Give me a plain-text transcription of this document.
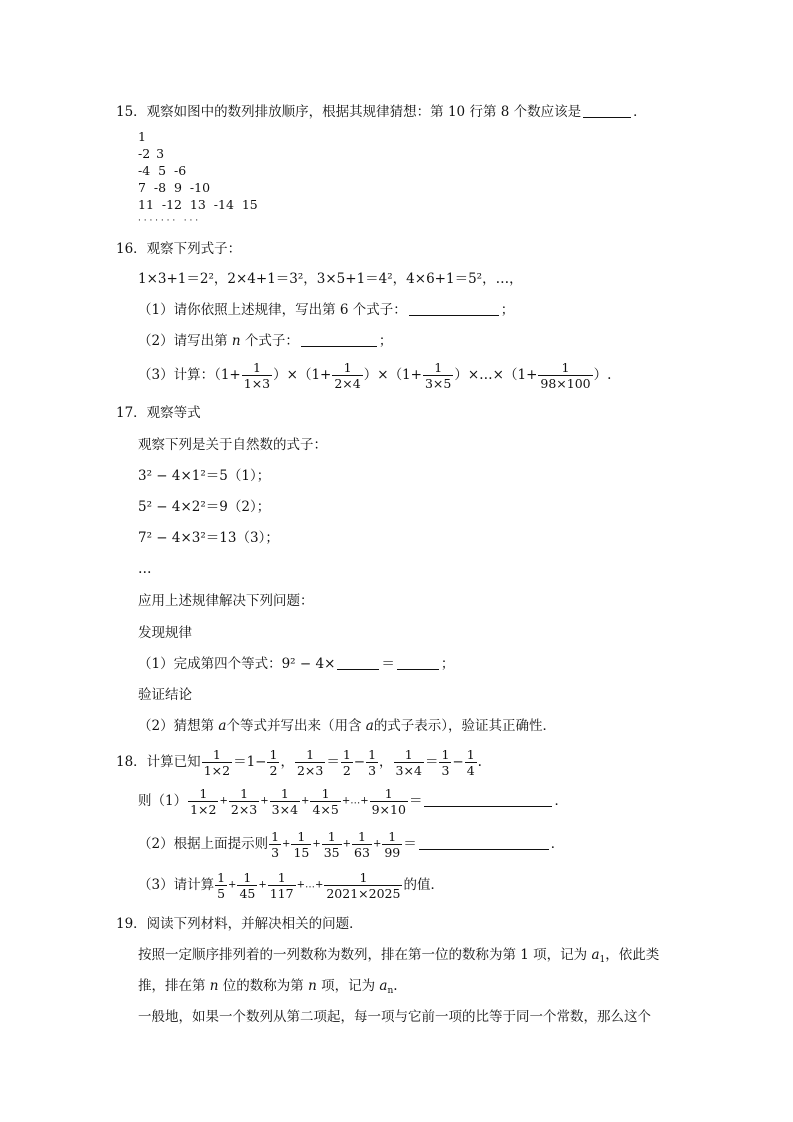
15．观察如图中的数列排放顺序，根据其规律猜想：第 10 行第 8 个数应该是	．
1
-2 3
-4  5  -6
7  -8  9  -10
11  -12  13  -14  15
· · · · · · ·   · · ·
16．观察下列式子：
1×3+1＝2²，2×4+1＝3²，3×5+1＝4²，4×6+1＝5²，…，
（1）请你依照上述规律，写出第 6 个式子：	；
（2）请写出第 n 个式子：	；
（3）计算：$(1+ \frac{1}{1\times 3} )\times(1+ \frac{1}{2\times 4} )\times(1+ \frac{1}{3\times 5}$ ）×…×（1+ $\frac{1}{98\times 100}$ ）.
17．观察等式
观察下列是关于自然数的式子：
3² − 4×1²＝5（1）；
5² − 4×2²＝9（2）；
7² − 4×3²＝13（3）；
…
应用上述规律解决下列问题：
发现规律
（1）完成第四个等式：9² − 4×	＝	；
验证结论
（2）猜想第 a个等式并写出来（用含 a的式子表示），验证其正确性．
18．计算已知 $\frac{1}{1\times 2} =1- \frac{1}{2}$ ， $\frac{1}{2\times 3} = \frac{1}{2} - \frac{1}{3}$ ， $\frac{1}{3\times 4} = \frac{1}{3} - \frac{1}{4}$ .
则$(1) \frac{1}{1\times 2} + \frac{1}{2\times 3} + \frac{1}{3\times 4} + \frac{1}{4\times 5}$ +…+ $\frac{1}{9\times 10}$ ＝	．
（2）根据上面提示则 $\frac{1}{3} + \frac{1}{15} + \frac{1}{35} + \frac{1}{63} + \frac{1}{99}$ ＝	．
（3）请计算 $\frac{1}{5} + \frac{1}{45} + \frac{1}{117}$ +…+ $\frac{1}{2021\times 2025}$ 的值．
19．阅读下列材料，并解决相关的问题．
按照一定顺序排列着的一列数称为数列，排在第一位的数称为第 1 项，记为 $a_1$，依此类
推，排在第 n 位的数称为第 n 项，记为 $a_n$.
一般地，如果一个数列从第二项起，每一项与它前一项的比等于同一个常数，那么这个
